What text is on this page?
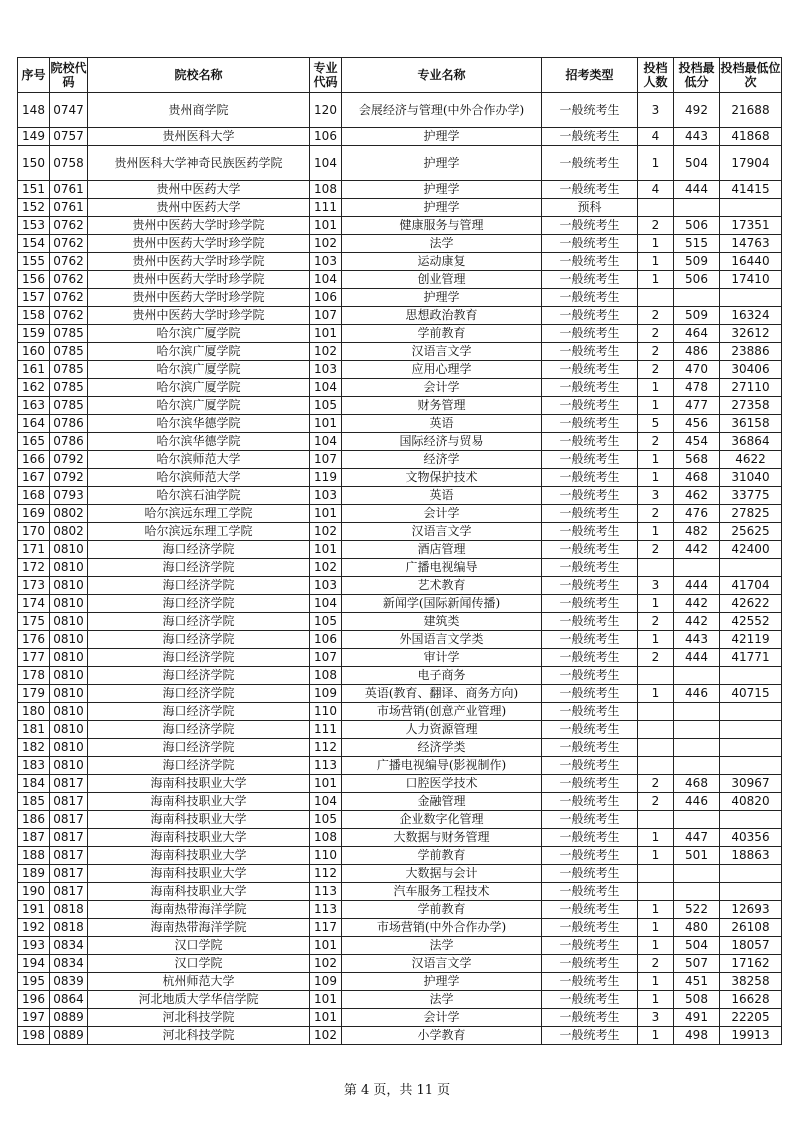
序号	院校代码	院校名称	专业代码	专业名称	招考类型	投档人数	投档最低分	投档最低位次
148	0747	贵州商学院	120	会展经济与管理(中外合作办学)	一般统考生	3	492	21688
149	0757	贵州医科大学	106	护理学	一般统考生	4	443	41868
150	0758	贵州医科大学神奇民族医药学院	104	护理学	一般统考生	1	504	17904
151	0761	贵州中医药大学	108	护理学	一般统考生	4	444	41415
152	0761	贵州中医药大学	111	护理学	预科			
153	0762	贵州中医药大学时珍学院	101	健康服务与管理	一般统考生	2	506	17351
154	0762	贵州中医药大学时珍学院	102	法学	一般统考生	1	515	14763
155	0762	贵州中医药大学时珍学院	103	运动康复	一般统考生	1	509	16440
156	0762	贵州中医药大学时珍学院	104	创业管理	一般统考生	1	506	17410
157	0762	贵州中医药大学时珍学院	106	护理学	一般统考生			
158	0762	贵州中医药大学时珍学院	107	思想政治教育	一般统考生	2	509	16324
159	0785	哈尔滨广厦学院	101	学前教育	一般统考生	2	464	32612
160	0785	哈尔滨广厦学院	102	汉语言文学	一般统考生	2	486	23886
161	0785	哈尔滨广厦学院	103	应用心理学	一般统考生	2	470	30406
162	0785	哈尔滨广厦学院	104	会计学	一般统考生	1	478	27110
163	0785	哈尔滨广厦学院	105	财务管理	一般统考生	1	477	27358
164	0786	哈尔滨华德学院	101	英语	一般统考生	5	456	36158
165	0786	哈尔滨华德学院	104	国际经济与贸易	一般统考生	2	454	36864
166	0792	哈尔滨师范大学	107	经济学	一般统考生	1	568	4622
167	0792	哈尔滨师范大学	119	文物保护技术	一般统考生	1	468	31040
168	0793	哈尔滨石油学院	103	英语	一般统考生	3	462	33775
169	0802	哈尔滨远东理工学院	101	会计学	一般统考生	2	476	27825
170	0802	哈尔滨远东理工学院	102	汉语言文学	一般统考生	1	482	25625
171	0810	海口经济学院	101	酒店管理	一般统考生	2	442	42400
172	0810	海口经济学院	102	广播电视编导	一般统考生			
173	0810	海口经济学院	103	艺术教育	一般统考生	3	444	41704
174	0810	海口经济学院	104	新闻学(国际新闻传播)	一般统考生	1	442	42622
175	0810	海口经济学院	105	建筑类	一般统考生	2	442	42552
176	0810	海口经济学院	106	外国语言文学类	一般统考生	1	443	42119
177	0810	海口经济学院	107	审计学	一般统考生	2	444	41771
178	0810	海口经济学院	108	电子商务	一般统考生			
179	0810	海口经济学院	109	英语(教育、翻译、商务方向)	一般统考生	1	446	40715
180	0810	海口经济学院	110	市场营销(创意产业管理)	一般统考生			
181	0810	海口经济学院	111	人力资源管理	一般统考生			
182	0810	海口经济学院	112	经济学类	一般统考生			
183	0810	海口经济学院	113	广播电视编导(影视制作)	一般统考生			
184	0817	海南科技职业大学	101	口腔医学技术	一般统考生	2	468	30967
185	0817	海南科技职业大学	104	金融管理	一般统考生	2	446	40820
186	0817	海南科技职业大学	105	企业数字化管理	一般统考生			
187	0817	海南科技职业大学	108	大数据与财务管理	一般统考生	1	447	40356
188	0817	海南科技职业大学	110	学前教育	一般统考生	1	501	18863
189	0817	海南科技职业大学	112	大数据与会计	一般统考生			
190	0817	海南科技职业大学	113	汽车服务工程技术	一般统考生			
191	0818	海南热带海洋学院	113	学前教育	一般统考生	1	522	12693
192	0818	海南热带海洋学院	117	市场营销(中外合作办学)	一般统考生	1	480	26108
193	0834	汉口学院	101	法学	一般统考生	1	504	18057
194	0834	汉口学院	102	汉语言文学	一般统考生	2	507	17162
195	0839	杭州师范大学	109	护理学	一般统考生	1	451	38258
196	0864	河北地质大学华信学院	101	法学	一般统考生	1	508	16628
197	0889	河北科技学院	101	会计学	一般统考生	3	491	22205
198	0889	河北科技学院	102	小学教育	一般统考生	1	498	19913
第 4 页，共 11 页
